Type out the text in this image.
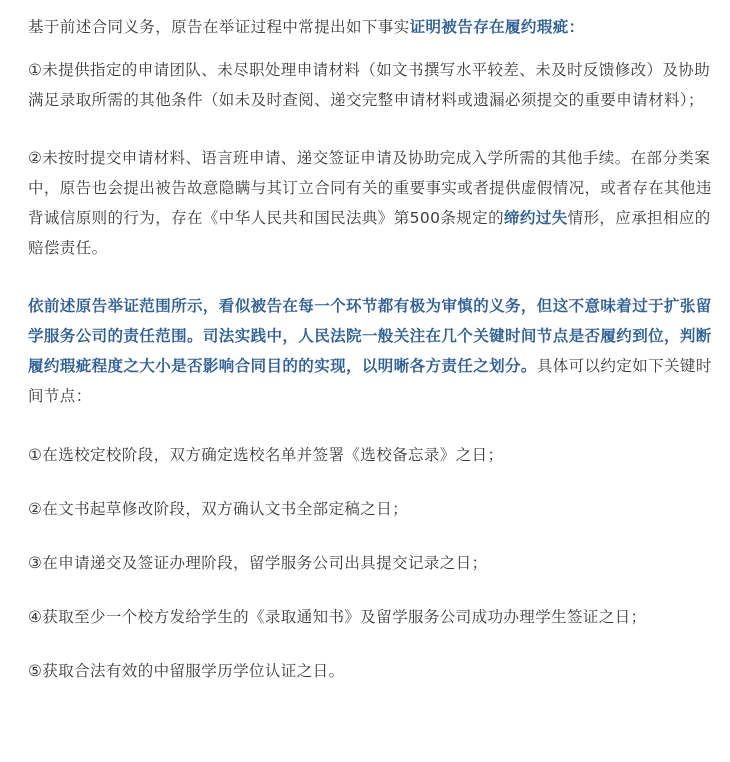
基于前述合同义务，原告在举证过程中常提出如下事实证明被告存在履约瑕疵：

①未提供指定的申请团队、未尽职处理申请材料（如文书撰写水平较差、未及时反馈修改）及协助满足录取所需的其他条件（如未及时查阅、递交完整申请材料或遗漏必须提交的重要申请材料）；

②未按时提交申请材料、语言班申请、递交签证申请及协助完成入学所需的其他手续。在部分类案中，原告也会提出被告故意隐瞒与其订立合同有关的重要事实或者提供虚假情况，或者存在其他违背诚信原则的行为，存在《中华人民共和国民法典》第500条规定的缔约过失情形，应承担相应的赔偿责任。

依前述原告举证范围所示，看似被告在每一个环节都有极为审慎的义务，但这不意味着过于扩张留学服务公司的责任范围。司法实践中，人民法院一般关注在几个关键时间节点是否履约到位，判断履约瑕疵程度之大小是否影响合同目的的实现，以明晰各方责任之划分。具体可以约定如下关键时间节点：

①在选校定校阶段，双方确定选校名单并签署《选校备忘录》之日；

②在文书起草修改阶段，双方确认文书全部定稿之日；

③在申请递交及签证办理阶段，留学服务公司出具提交记录之日；

④获取至少一个校方发给学生的《录取通知书》及留学服务公司成功办理学生签证之日；

⑤获取合法有效的中留服学历学位认证之日。
